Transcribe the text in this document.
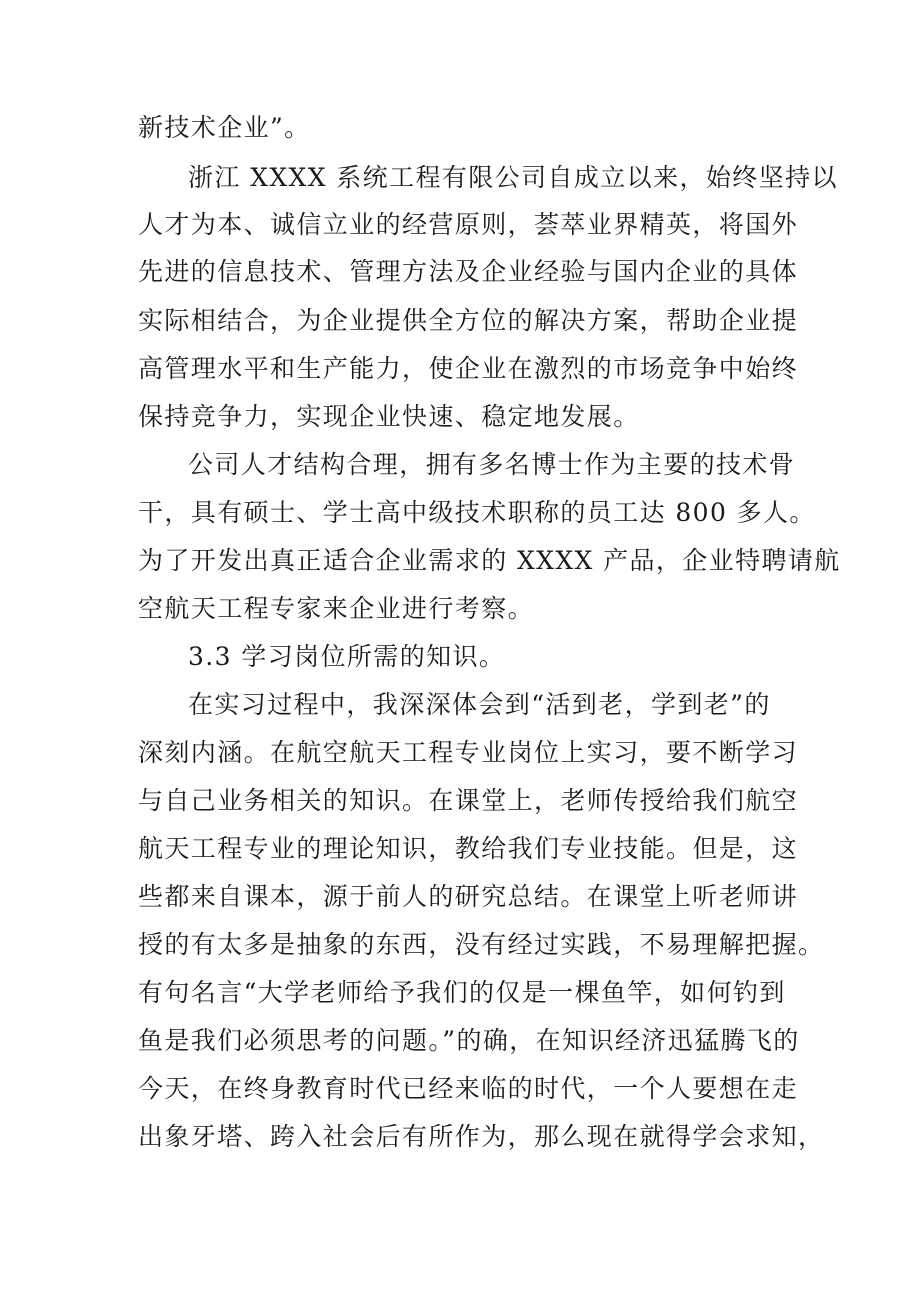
新技术企业”。
浙江 XXXX 系统工程有限公司自成立以来，始终坚持以
人才为本、诚信立业的经营原则，荟萃业界精英，将国外
先进的信息技术、管理方法及企业经验与国内企业的具体
实际相结合，为企业提供全方位的解决方案，帮助企业提
高管理水平和生产能力，使企业在激烈的市场竞争中始终
保持竞争力，实现企业快速、稳定地发展。
公司人才结构合理，拥有多名博士作为主要的技术骨
干，具有硕士、学士高中级技术职称的员工达 800 多人。
为了开发出真正适合企业需求的 XXXX 产品，企业特聘请航
空航天工程专家来企业进行考察。
3.3 学习岗位所需的知识。
在实习过程中，我深深体会到“活到老，学到老”的
深刻内涵。在航空航天工程专业岗位上实习，要不断学习
与自己业务相关的知识。在课堂上，老师传授给我们航空
航天工程专业的理论知识，教给我们专业技能。但是，这
些都来自课本，源于前人的研究总结。在课堂上听老师讲
授的有太多是抽象的东西，没有经过实践，不易理解把握。
有句名言“大学老师给予我们的仅是一棵鱼竿，如何钓到
鱼是我们必须思考的问题。”的确，在知识经济迅猛腾飞的
今天，在终身教育时代已经来临的时代，一个人要想在走
出象牙塔、跨入社会后有所作为，那么现在就得学会求知，
